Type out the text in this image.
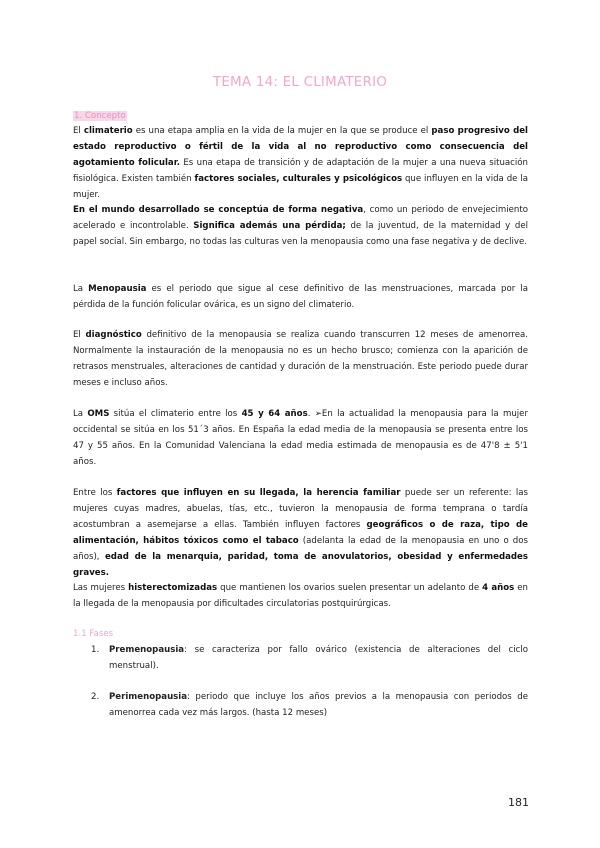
TEMA 14: EL CLIMATERIO
1. Concepto

El climaterio es una etapa amplia en la vida de la mujer en la que se produce el paso progresivo del estado reproductivo o fértil de la vida al no reproductivo como consecuencia del agotamiento folicular. Es una etapa de transición y de adaptación de la mujer a una nueva situación fisiológica. Existen también factores sociales, culturales y psicológicos que influyen en la vida de la mujer.

En el mundo desarrollado se conceptúa de forma negativa, como un periodo de envejecimiento acelerado e incontrolable. Significa además una pérdida; de la juventud, de la maternidad y del papel social. Sin embargo, no todas las culturas ven la menopausia como una fase negativa y de declive.

La Menopausia es el periodo que sigue al cese definitivo de las menstruaciones, marcada por la pérdida de la función folicular ovárica, es un signo del climaterio.

El diagnóstico definitivo de la menopausia se realiza cuando transcurren 12 meses de amenorrea. Normalmente la instauración de la menopausia no es un hecho brusco; comienza con la aparición de retrasos menstruales, alteraciones de cantidad y duración de la menstruación. Este periodo puede durar meses e incluso años.

La OMS sitúa el climaterio entre los 45 y 64 años. ➢En la actualidad la menopausia para la mujer occidental se sitúa en los 51´3 años. En España la edad media de la menopausia se presenta entre los 47 y 55 años. En la Comunidad Valenciana la edad media estimada de menopausia es de 47'8 ± 5'1 años.

Entre los factores que influyen en su llegada, la herencia familiar puede ser un referente: las mujeres cuyas madres, abuelas, tías, etc., tuvieron la menopausia de forma temprana o tardía acostumbran a asemejarse a ellas. También influyen factores geográficos o de raza, tipo de alimentación, hábitos tóxicos como el tabaco (adelanta la edad de la menopausia en uno o dos años), edad de la menarquia, paridad, toma de anovulatorios, obesidad y enfermedades graves.

Las mujeres histerectomizadas que mantienen los ovarios suelen presentar un adelanto de 4 años en la llegada de la menopausia por dificultades circulatorias postquirúrgicas.

1.1 Fases
1.	Premenopausia: se caracteriza por fallo ovárico (existencia de alteraciones del ciclo menstrual).
2.	Perimenopausia: periodo que incluye los años previos a la menopausia con periodos de amenorrea cada vez más largos. (hasta 12 meses)
181
